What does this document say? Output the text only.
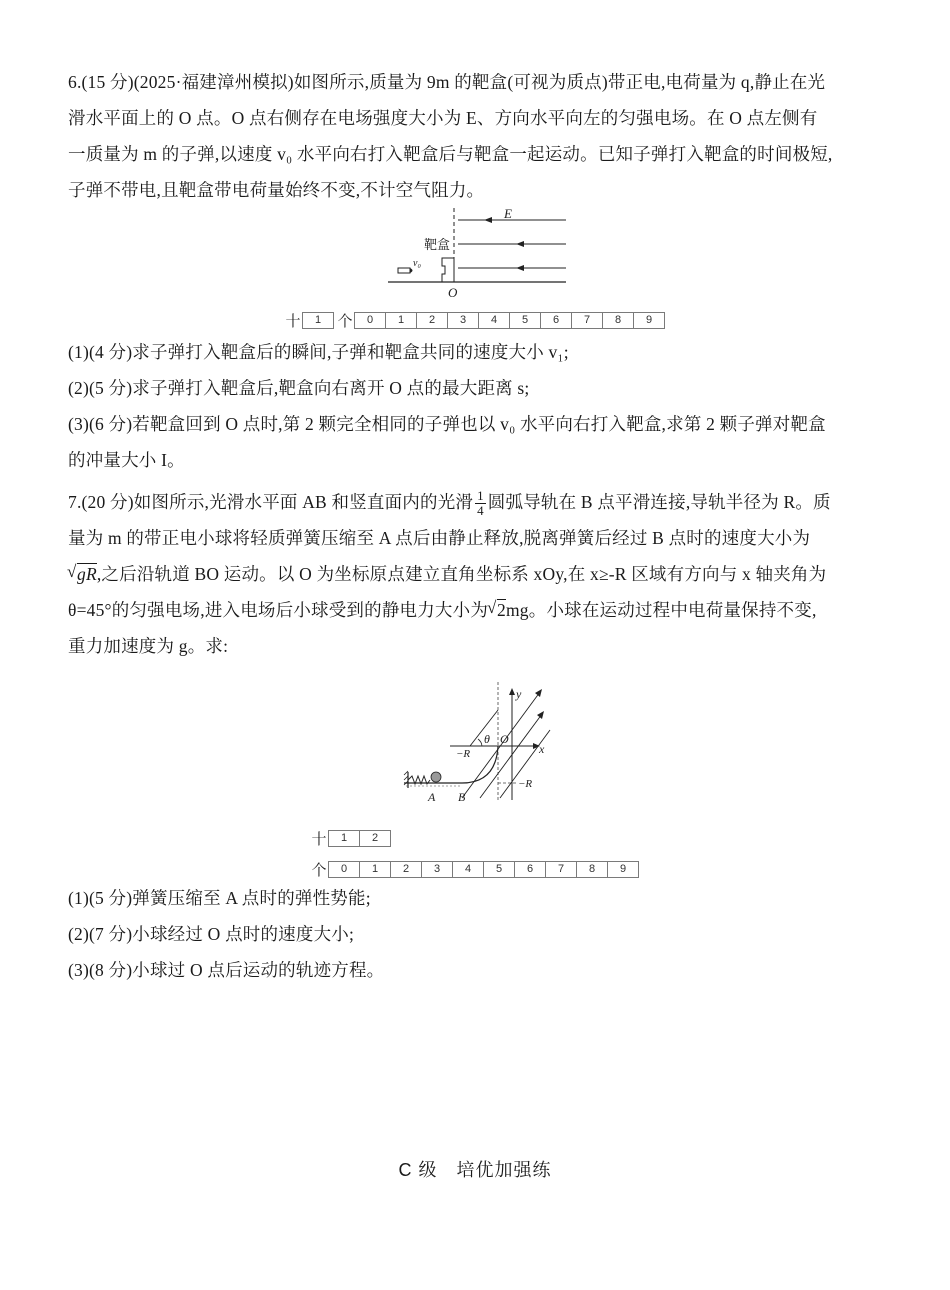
6.(15 分)(2025·福建漳州模拟)如图所示,质量为 9m 的靶盒(可视为质点)带正电,电荷量为 q,静止在光
滑水平面上的 O 点。O 点右侧存在电场强度大小为 E、方向水平向左的匀强电场。在 O 点左侧有
一质量为 m 的子弹,以速度 v₀ 水平向右打入靶盒后与靶盒一起运动。已知子弹打入靶盒的时间极短,
子弹不带电,且靶盒带电荷量始终不变,不计空气阻力。
E
靶盒
v₀
O
十	1	个	0	1	2	3	4	5	6	7	8	9
(1)(4 分)求子弹打入靶盒后的瞬间,子弹和靶盒共同的速度大小 v₁;
(2)(5 分)求子弹打入靶盒后,靶盒向右离开 O 点的最大距离 s;
(3)(6 分)若靶盒回到 O 点时,第 2 颗完全相同的子弹也以 v₀ 水平向右打入靶盒,求第 2 颗子弹对靶盒
的冲量大小 I。
7.(20 分)如图所示,光滑水平面 AB 和竖直面内的光滑 $\frac{1}{4}$ 圆弧导轨在 B 点平滑连接,导轨半径为 R。质
量为 m 的带正电小球将轻质弹簧压缩至 A 点后由静止释放,脱离弹簧后经过 B 点时的速度大小为
√ gR,之后沿轨道 BO 运动。以 O 为坐标原点建立直角坐标系 xOy,在 x≥-R 区域有方向与 x 轴夹角为
θ=45°的匀强电场,进入电场后小球受到的静电力大小为√ 2mg。小球在运动过程中电荷量保持不变,
重力加速度为 g。求:
y
x
θ O
−R
−R
A B
十	1	2
个	0	1	2	3	4	5	6	7	8	9
(1)(5 分)弹簧压缩至 A 点时的弹性势能;
(2)(7 分)小球经过 O 点时的速度大小;
(3)(8 分)小球过 O 点后运动的轨迹方程。
C 级　培优加强练
